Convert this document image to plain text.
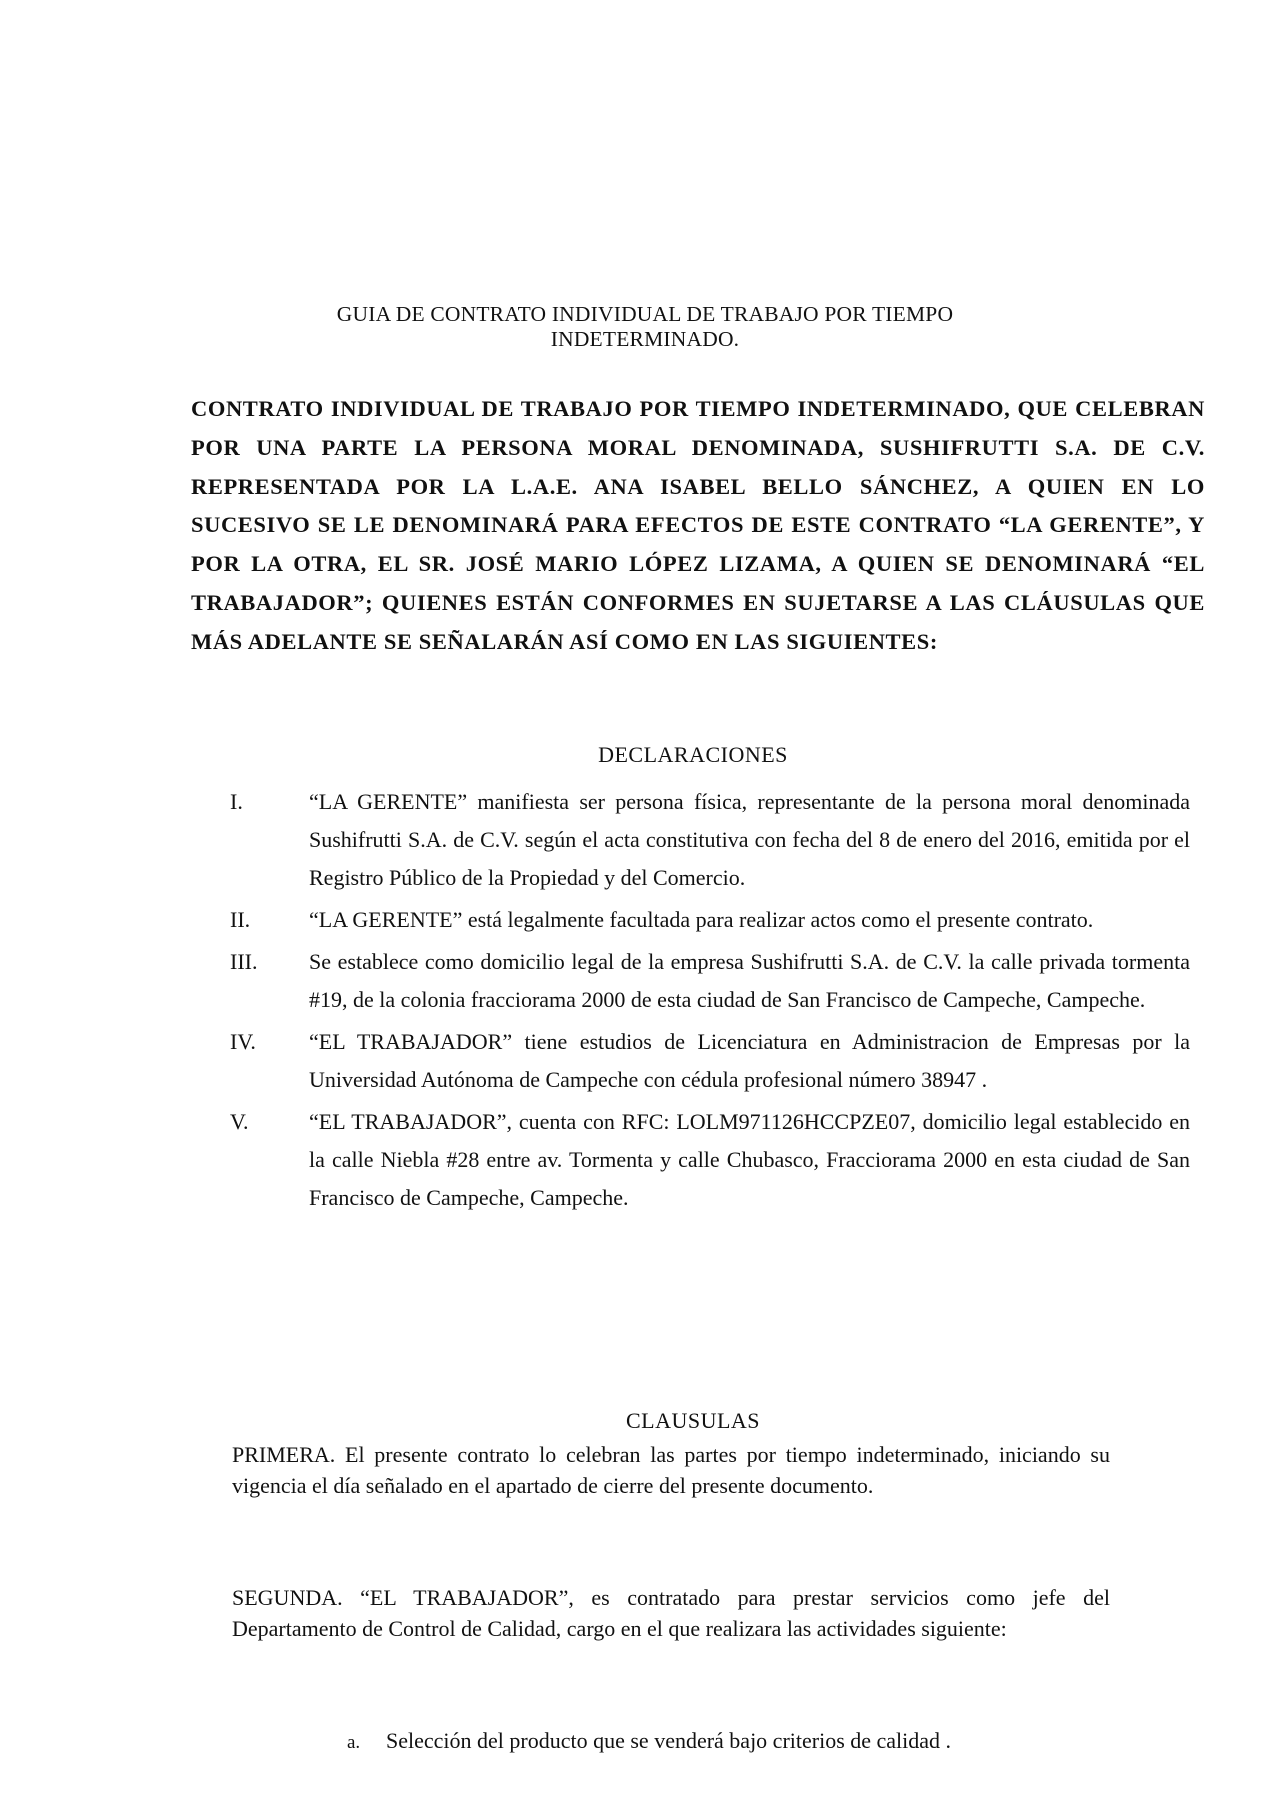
GUIA DE CONTRATO INDIVIDUAL DE TRABAJO POR TIEMPO
INDETERMINADO.
CONTRATO INDIVIDUAL DE TRABAJO POR TIEMPO INDETERMINADO, QUE CELEBRAN POR UNA PARTE LA PERSONA MORAL DENOMINADA, SUSHIFRUTTI S.A. DE C.V. REPRESENTADA POR LA L.A.E. ANA ISABEL BELLO SÁNCHEZ, A QUIEN EN LO SUCESIVO SE LE DENOMINARÁ PARA EFECTOS DE ESTE CONTRATO “LA GERENTE”, Y POR LA OTRA, EL SR. JOSÉ MARIO LÓPEZ LIZAMA, A QUIEN SE DENOMINARÁ “EL TRABAJADOR”; QUIENES ESTÁN CONFORMES EN SUJETARSE A LAS CLÁUSULAS QUE MÁS ADELANTE SE SEÑALARÁN ASÍ COMO EN LAS SIGUIENTES:
DECLARACIONES
I.	“LA GERENTE” manifiesta ser persona física, representante de la persona moral denominada Sushifrutti S.A. de C.V. según el acta constitutiva con fecha del 8 de enero del 2016, emitida por el Registro Público de la Propiedad y del Comercio.
II.	“LA GERENTE” está legalmente facultada para realizar actos como el presente contrato.
III.	Se establece como domicilio legal de la empresa Sushifrutti S.A. de C.V. la calle privada tormenta #19, de la colonia fracciorama 2000 de esta ciudad de San Francisco de Campeche, Campeche.
IV.	“EL TRABAJADOR” tiene estudios de Licenciatura en Administracion de Empresas por la Universidad Autónoma de Campeche con cédula profesional número 38947 .
V.	“EL TRABAJADOR”, cuenta con RFC: LOLM971126HCCPZE07, domicilio legal establecido en la calle Niebla #28 entre av. Tormenta y calle Chubasco, Fracciorama 2000 en esta ciudad de San Francisco de Campeche, Campeche.
CLAUSULAS
PRIMERA. El presente contrato lo celebran las partes por tiempo indeterminado, iniciando su vigencia el día señalado en el apartado de cierre del presente documento.
SEGUNDA. “EL TRABAJADOR”, es contratado para prestar servicios como jefe del Departamento de Control de Calidad, cargo en el que realizara las actividades siguiente:
a.	Selección del producto que se venderá bajo criterios de calidad .
